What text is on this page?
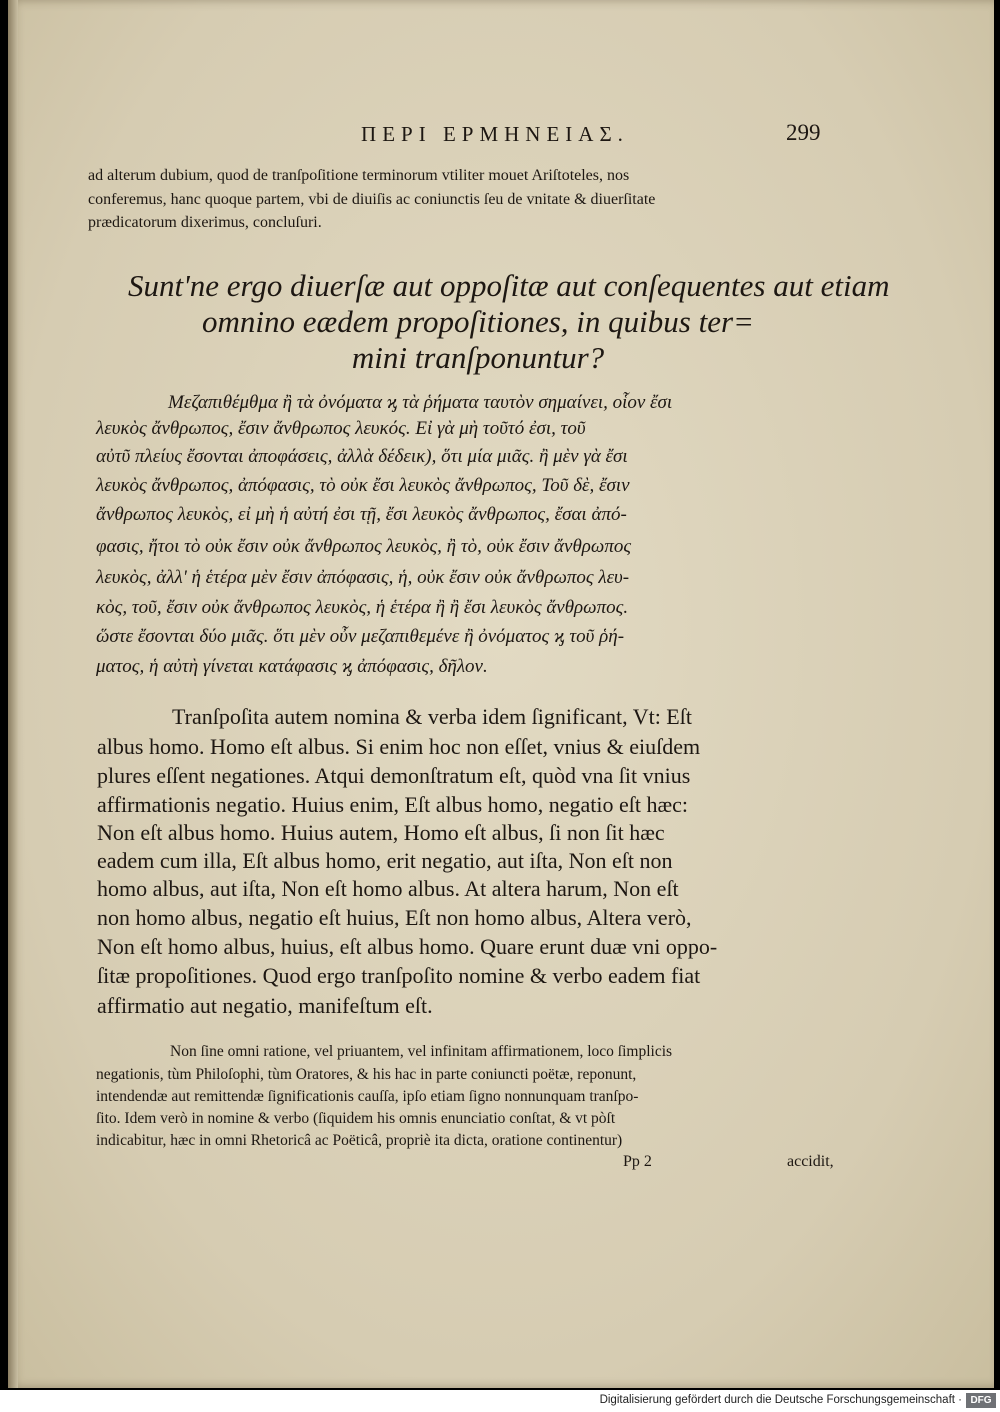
ΠΕΡΙ ΕΡΜΗΝΕΙΑΣ.	299
ad alterum dubium, quod de tranſpoſitione terminorum vtiliter mouet Ariſtoteles, nos
conferemus, hanc quoque partem, vbi de diuiſis ac coniunctis ſeu de vnitate & diuerſitate
prædicatorum dixerimus, concluſuri.
Sunt'ne ergo diuerſæ aut oppoſitæ aut conſequentes aut etiam
omnino eædem propoſitiones, in quibus ter=
mini tranſponuntur?
Μεζαπιθέμθμα ἢ τὰ ὀνόματα ϗ τὰ ῥήματα ταυτὸν σημαίνει, οἷον ἔσι
λευκὸς ἄνθρωπος, ἔσιν ἄνθρωπος λευκός. Εἰ γὰ μὴ τοῦτό ἐσι, τοῦ
αὐτῦ πλείυς ἔσονται ἀποφάσεις, ἀλλὰ δέδεικ), ὅτι μία μιᾶς. ἢ μὲν γὰ ἔσι
λευκὸς ἄνθρωπος, ἀπόφασις, τὸ οὐκ ἔσι λευκὸς ἄνθρωπος, Τοῦ δὲ, ἔσιν
ἄνθρωπος λευκὸς, εἰ μὴ ἡ αὐτή ἐσι τῇ, ἔσι λευκὸς ἄνθρωπος, ἔσαι ἀπό-
φασις, ἤτοι τὸ οὐκ ἔσιν οὐκ ἄνθρωπος λευκὸς, ἢ τὸ, οὐκ ἔσιν ἄνθρωπος
λευκὸς, ἀλλ' ἡ ἑτέρα μὲν ἔσιν ἀπόφασις, ἡ, οὐκ ἔσιν οὐκ ἄνθρωπος λευ-
κὸς, τοῦ, ἔσιν οὐκ ἄνθρωπος λευκὸς, ἡ ἑτέρα ἢ ἢ ἔσι λευκὸς ἄνθρωπος.
ὥστε ἔσονται δύο μιᾶς. ὅτι μὲν οὖν μεζαπιθεμένε ἢ ὀνόματος ϗ τοῦ ῥή-
ματος, ἡ αὐτὴ γίνεται κατάφασις ϗ ἀπόφασις, δῆλον.
Tranſpoſita autem nomina & verba idem ſignificant, Vt: Eſt
albus homo. Homo eſt albus. Si enim hoc non eſſet, vnius & eiuſdem
plures eſſent negationes. Atqui demonſtratum eſt, quòd vna ſit vnius
affirmationis negatio. Huius enim, Eſt albus homo, negatio eſt hæc:
Non eſt albus homo. Huius autem, Homo eſt albus, ſi non ſit hæc
eadem cum illa, Eſt albus homo, erit negatio, aut iſta, Non eſt non
homo albus, aut iſta, Non eſt homo albus. At altera harum, Non eſt
non homo albus, negatio eſt huius, Eſt non homo albus, Altera verò,
Non eſt homo albus, huius, eſt albus homo. Quare erunt duæ vni oppo-
ſitæ propoſitiones. Quod ergo tranſpoſito nomine & verbo eadem fiat
affirmatio aut negatio, manifeſtum eſt.
Non ſine omni ratione, vel priuantem, vel infinitam affirmationem, loco ſimplicis
negationis, tùm Philoſophi, tùm Oratores, & his hac in parte coniuncti poëtæ, reponunt,
intendendæ aut remittendæ ſignificationis cauſſa, ipſo etiam ſigno nonnunquam tranſpo-
ſito. Idem verò in nomine & verbo (ſiquidem his omnis enunciatio conſtat, & vt pòſt
indicabitur, hæc in omni Rhetoricâ ac Poëticâ, propriè ita dicta, oratione continentur)
Pp 2	accidit,
Digitalisierung gefördert durch die Deutsche Forschungsgemeinschaft · DFG
